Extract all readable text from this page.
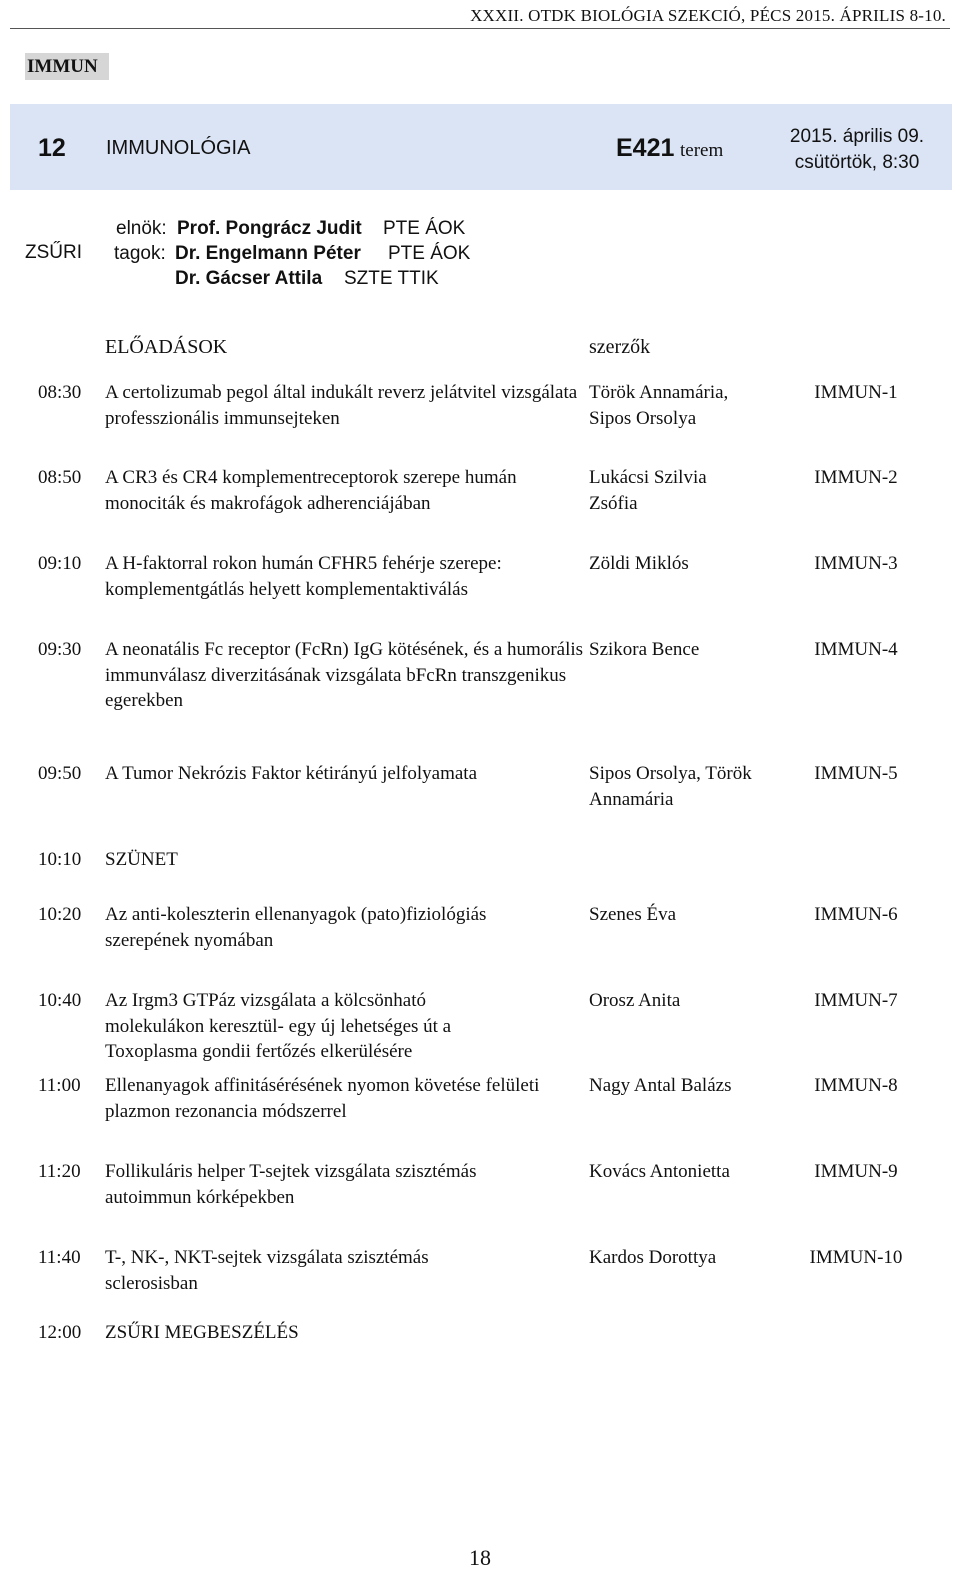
XXXII. OTDK BIOLÓGIA SZEKCIÓ, PÉCS 2015. ÁPRILIS 8-10.
IMMUN
12 IMMUNOLÓGIA	E421 terem
2015. április 09.
csütörtök, 8:30
ZSŰRI
elnök: Prof. Pongrácz Judit PTE ÁOK
tagok: Dr. Engelmann Péter PTE ÁOK
Dr. Gácser Attila SZTE TTIK
ELŐADÁSOK	szerzők
08:30 A certolizumab pegol által indukált reverz jelátvitel vizsgálata professzionális immunsejteken
Török Annamária, Sipos Orsolya
IMMUN-1
08:50 A CR3 és CR4 komplementreceptorok szerepe humán monociták és makrofágok adherenciájában
Lukácsi Szilvia Zsófia
IMMUN-2
09:10 A H-faktorral rokon humán CFHR5 fehérje szerepe: komplementgátlás helyett komplementaktiválás
Zöldi Miklós	IMMUN-3
09:30 A neonatális Fc receptor (FcRn) IgG kötésének, és a humorális immunválasz diverzitásának vizsgálata bFcRn transzgenikus egerekben
Szikora Bence	IMMUN-4
09:50 A Tumor Nekrózis Faktor kétirányú jelfolyamata	Sipos Orsolya, Török Annamária
IMMUN-5
10:10 SZÜNET
10:20 Az anti-koleszterin ellenanyagok (pato)fiziológiás szerepének nyomában
Szenes Éva	IMMUN-6
10:40 Az Irgm3 GTPáz vizsgálata a kölcsönható molekulákon keresztül- egy új lehetséges út a Toxoplasma gondii fertőzés elkerülésére
Orosz Anita	IMMUN-7
11:00 Ellenanyagok affinitásérésének nyomon követése felületi plazmon rezonancia módszerrel
Nagy Antal Balázs	IMMUN-8
11:20 Follikuláris helper T-sejtek vizsgálata szisztémás autoimmun kórképekben
Kovács Antonietta	IMMUN-9
11:40 T-, NK-, NKT-sejtek vizsgálata szisztémás sclerosisban
Kardos Dorottya	IMMUN-10
12:00 ZSŰRI MEGBESZÉLÉS
18
